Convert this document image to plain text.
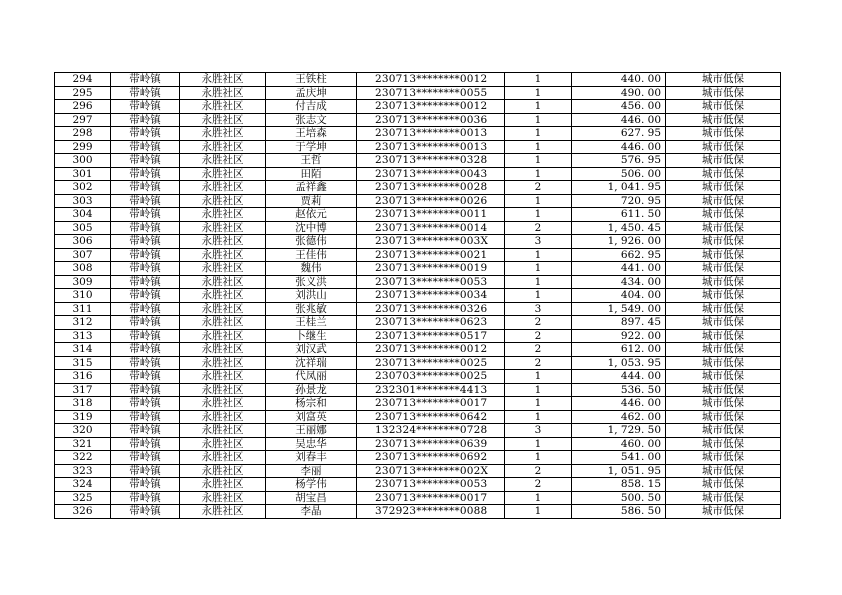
294	带岭镇	永胜社区	王铁柱	230713********0012	1	440. 00	城市低保
295	带岭镇	永胜社区	孟庆坤	230713********0055	1	490. 00	城市低保
296	带岭镇	永胜社区	付吉成	230713********0012	1	456. 00	城市低保
297	带岭镇	永胜社区	张志文	230713********0036	1	446. 00	城市低保
298	带岭镇	永胜社区	王培森	230713********0013	1	627. 95	城市低保
299	带岭镇	永胜社区	于学坤	230713********0013	1	446. 00	城市低保
300	带岭镇	永胜社区	王哲	230713********0328	1	576. 95	城市低保
301	带岭镇	永胜社区	田陌	230713********0043	1	506. 00	城市低保
302	带岭镇	永胜社区	孟祥鑫	230713********0028	2	1, 041. 95	城市低保
303	带岭镇	永胜社区	贾莉	230713********0026	1	720. 95	城市低保
304	带岭镇	永胜社区	赵依元	230713********0011	1	611. 50	城市低保
305	带岭镇	永胜社区	沈中博	230713********0014	2	1, 450. 45	城市低保
306	带岭镇	永胜社区	张德伟	230713********003X	3	1, 926. 00	城市低保
307	带岭镇	永胜社区	王佳伟	230713********0021	1	662. 95	城市低保
308	带岭镇	永胜社区	魏伟	230713********0019	1	441. 00	城市低保
309	带岭镇	永胜社区	张义洪	230713********0053	1	434. 00	城市低保
310	带岭镇	永胜社区	刘洪山	230713********0034	1	404. 00	城市低保
311	带岭镇	永胜社区	张兆敏	230713********0326	3	1, 549. 00	城市低保
312	带岭镇	永胜社区	王桂兰	230713********0623	2	897. 45	城市低保
313	带岭镇	永胜社区	卜继生	230713********0517	2	922. 00	城市低保
314	带岭镇	永胜社区	刘汉武	230713********0012	2	612. 00	城市低保
315	带岭镇	永胜社区	沈祥瑞	230713********0025	2	1, 053. 95	城市低保
316	带岭镇	永胜社区	代凤丽	230703********0025	1	444. 00	城市低保
317	带岭镇	永胜社区	孙景龙	232301********4413	1	536. 50	城市低保
318	带岭镇	永胜社区	杨宗和	230713********0017	1	446. 00	城市低保
319	带岭镇	永胜社区	刘富英	230713********0642	1	462. 00	城市低保
320	带岭镇	永胜社区	王丽娜	132324********0728	3	1, 729. 50	城市低保
321	带岭镇	永胜社区	吴忠华	230713********0639	1	460. 00	城市低保
322	带岭镇	永胜社区	刘春丰	230713********0692	1	541. 00	城市低保
323	带岭镇	永胜社区	李丽	230713********002X	2	1, 051. 95	城市低保
324	带岭镇	永胜社区	杨学伟	230713********0053	2	858. 15	城市低保
325	带岭镇	永胜社区	胡宝昌	230713********0017	1	500. 50	城市低保
326	带岭镇	永胜社区	李晶	372923********0088	1	586. 50	城市低保
